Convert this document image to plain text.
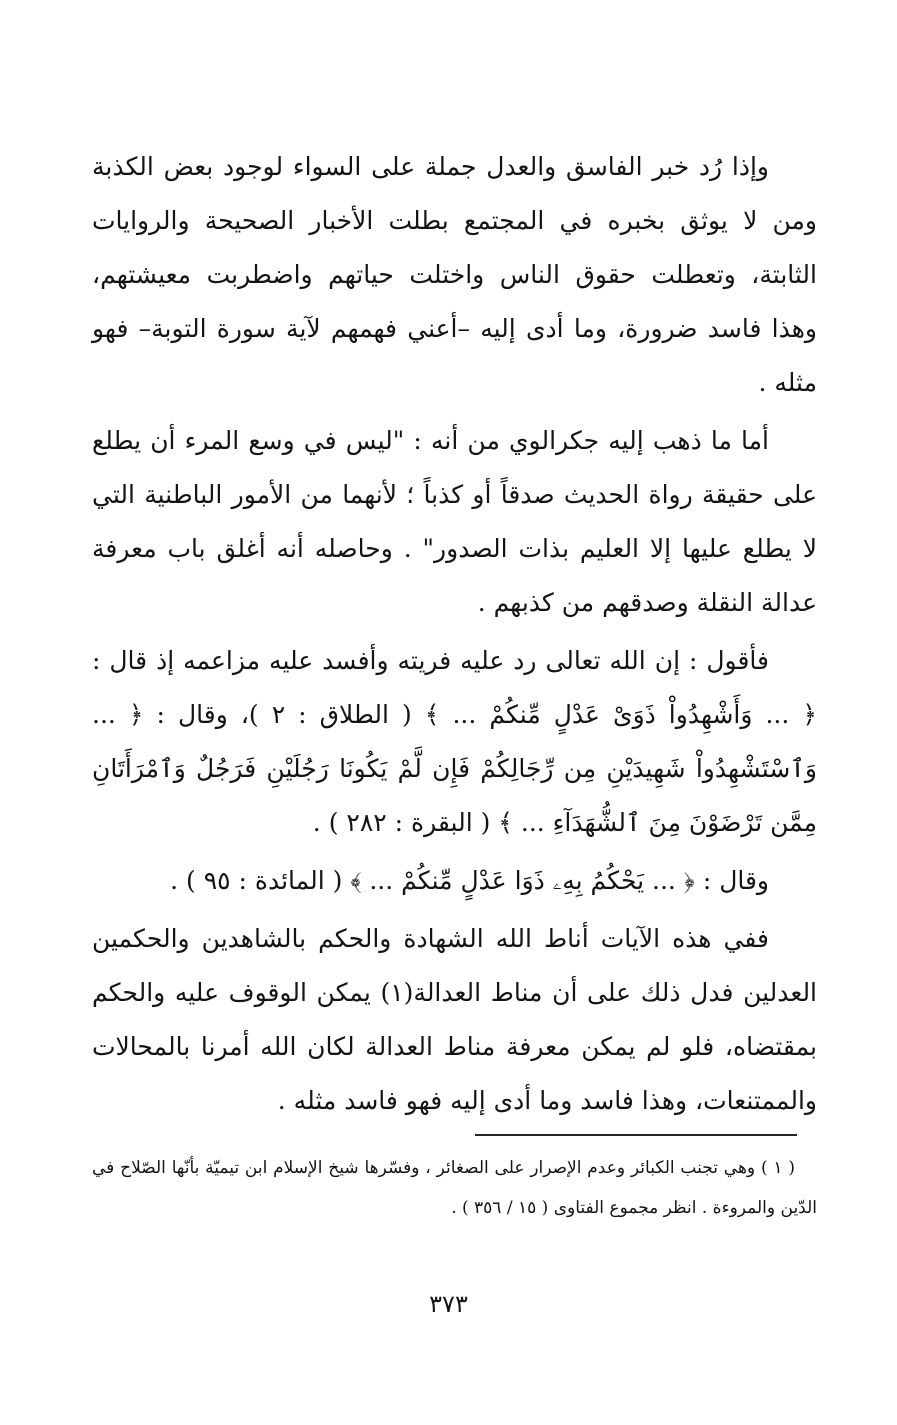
وإذا رُد خبر الفاسق والعدل جملة على السواء لوجود بعض الكذبة ومن لا يوثق بخبره في المجتمع بطلت الأخبار الصحيحة والروايات الثابتة، وتعطلت حقوق الناس واختلت حياتهم واضطربت معيشتهم، وهذا فاسد ضرورة، وما أدى إليه –أعني فهمهم لآية سورة التوبة– فهو مثله .

أما ما ذهب إليه جكرالوي من أنه : "ليس في وسع المرء أن يطلع على حقيقة رواة الحديث صدقاً أو كذباً ؛ لأنهما من الأمور الباطنية التي لا يطلع عليها إلا العليم بذات الصدور" . وحاصله أنه أغلق باب معرفة عدالة النقلة وصدقهم من كذبهم .

فأقول : إن الله تعالى رد عليه فريته وأفسد عليه مزاعمه إذ قال : ﴿ ... وَأَشْهِدُواْ ذَوَىْ عَدْلٍ مِّنكُمْ ... ﴾ ( الطلاق : ٢ )، وقال : ﴿ ... وَٱسْتَشْهِدُواْ شَهِيدَيْنِ مِن رِّجَالِكُمْ فَإِن لَّمْ يَكُونَا رَجُلَيْنِ فَرَجُلٌ وَٱمْرَأَتَانِ مِمَّن تَرْضَوْنَ مِنَ ٱلشُّهَدَآءِ ... ﴾ ( البقرة : ٢٨٢ ) .

وقال : ﴿ ... يَحْكُمُ بِهِۦ ذَوَا عَدْلٍ مِّنكُمْ ... ﴾ ( المائدة : ٩٥ ) .

ففي هذه الآيات أناط الله الشهادة والحكم بالشاهدين والحكمين العدلين فدل ذلك على أن مناط العدالة(١) يمكن الوقوف عليه والحكم بمقتضاه، فلو لم يمكن معرفة مناط العدالة لكان الله أمرنا بالمحالات والممتنعات، وهذا فاسد وما أدى إليه فهو فاسد مثله .

( ١ ) وهي تجنب الكبائر وعدم الإصرار على الصغائر ، وفسّرها شيخ الإسلام ابن تيميّة بأنّها الصّلاح في الدّين والمروءة . انظر مجموع الفتاوى ( ١٥ / ٣٥٦ ) .

٣٧٣
